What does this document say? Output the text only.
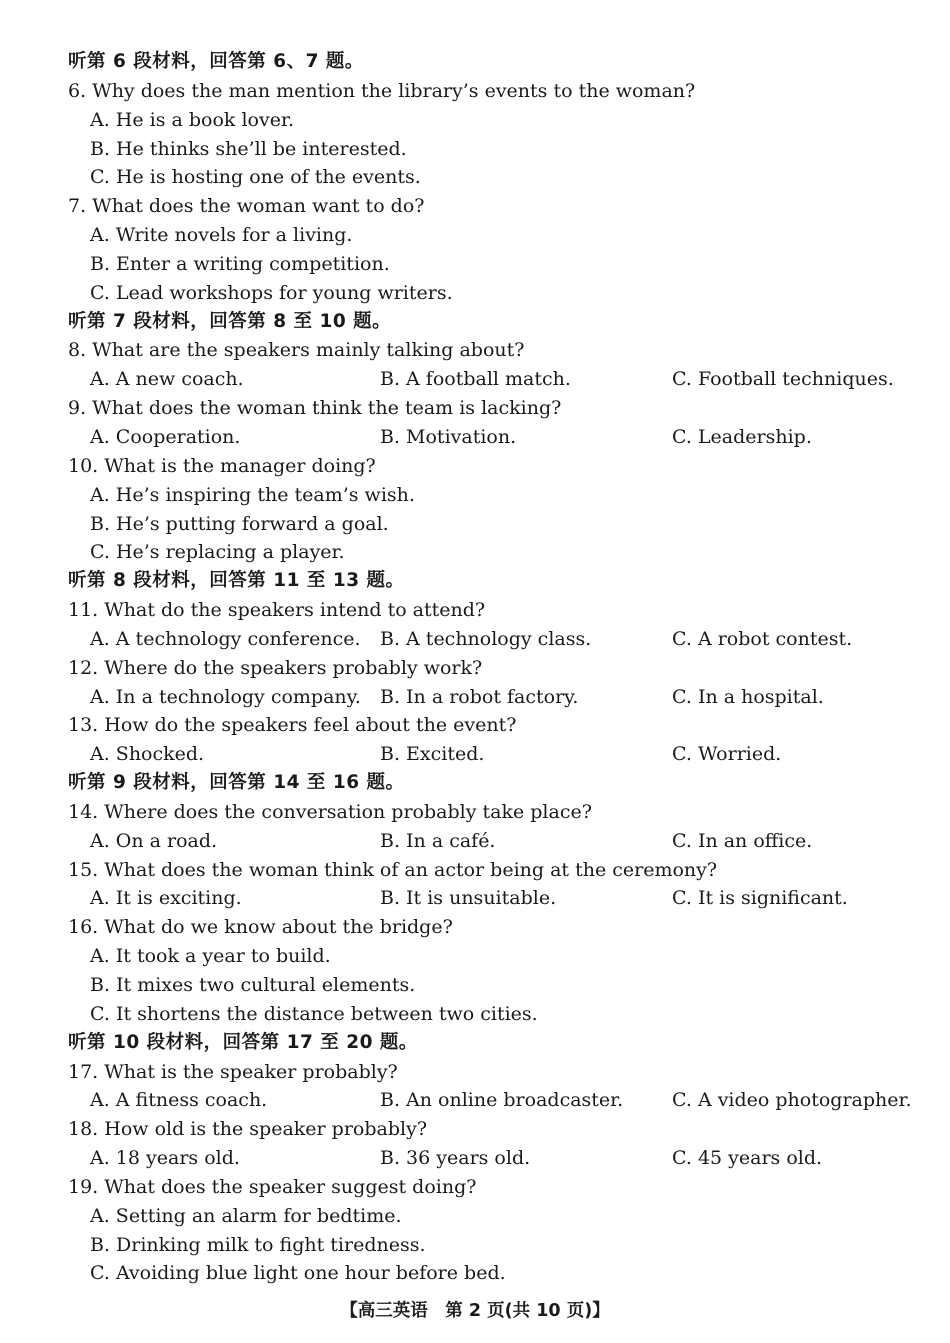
听第 6 段材料，回答第 6、7 题。
6. Why does the man mention the library’s events to the woman?
A. He is a book lover.
B. He thinks she’ll be interested.
C. He is hosting one of the events.
7. What does the woman want to do?
A. Write novels for a living.
B. Enter a writing competition.
C. Lead workshops for young writers.
听第 7 段材料，回答第 8 至 10 题。
8. What are the speakers mainly talking about?
A. A new coach.	B. A football match.	C. Football techniques.
9. What does the woman think the team is lacking?
A. Cooperation.	B. Motivation.	C. Leadership.
10. What is the manager doing?
A. He’s inspiring the team’s wish.
B. He’s putting forward a goal.
C. He’s replacing a player.
听第 8 段材料，回答第 11 至 13 题。
11. What do the speakers intend to attend?
A. A technology conference. B. A technology class.	C. A robot contest.
12. Where do the speakers probably work?
A. In a technology company. B. In a robot factory.	C. In a hospital.
13. How do the speakers feel about the event?
A. Shocked.	B. Excited.	C. Worried.
听第 9 段材料，回答第 14 至 16 题。
14. Where does the conversation probably take place?
A. On a road.	B. In a café.	C. In an office.
15. What does the woman think of an actor being at the ceremony?
A. It is exciting.	B. It is unsuitable.	C. It is significant.
16. What do we know about the bridge?
A. It took a year to build.
B. It mixes two cultural elements.
C. It shortens the distance between two cities.
听第 10 段材料，回答第 17 至 20 题。
17. What is the speaker probably?
A. A fitness coach.	B. An online broadcaster.	C. A video photographer.
18. How old is the speaker probably?
A. 18 years old.	B. 36 years old.	C. 45 years old.
19. What does the speaker suggest doing?
A. Setting an alarm for bedtime.
B. Drinking milk to fight tiredness.
C. Avoiding blue light one hour before bed.
【高三英语　第 2 页(共 10 页)】
